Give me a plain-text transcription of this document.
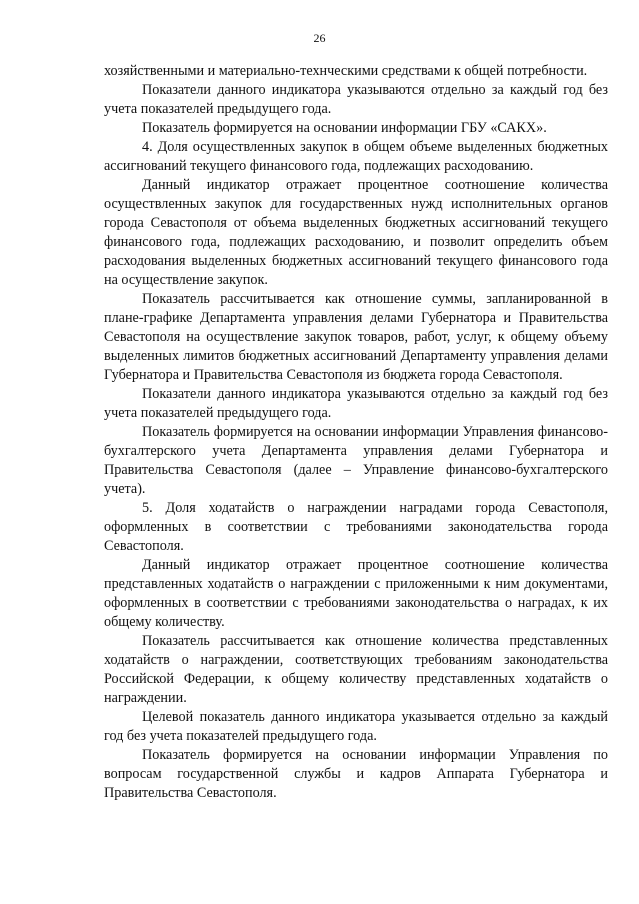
26

хозяйственными и материально-технческими средствами к общей потребности.

Показатели данного индикатора указываются отдельно за каждый год без учета показателей предыдущего года.

Показатель формируется на основании информации ГБУ «САКХ».

4. Доля осуществленных закупок в общем объеме выделенных бюджетных ассигнований текущего финансового года, подлежащих расходованию.

Данный индикатор отражает процентное соотношение количества осуществленных закупок для государственных нужд исполнительных органов города Севастополя от объема выделенных бюджетных ассигнований текущего финансового года, подлежащих расходованию, и позволит определить объем расходования выделенных бюджетных ассигнований текущего финансового года на осуществление закупок.

Показатель рассчитывается как отношение суммы, запланированной в плане-графике Департамента управления делами Губернатора и Правительства Севастополя на осуществление закупок товаров, работ, услуг, к общему объему выделенных лимитов бюджетных ассигнований Департаменту управления делами Губернатора и Правительства Севастополя из бюджета города Севастополя.

Показатели данного индикатора указываются отдельно за каждый год без учета показателей предыдущего года.

Показатель формируется на основании информации Управления финансово-бухгалтерского учета Департамента управления делами Губернатора и Правительства Севастополя (далее – Управление финансово-бухгалтерского учета).

5. Доля ходатайств о награждении наградами города Севастополя, оформленных в соответствии с требованиями законодательства города Севастополя.

Данный индикатор отражает процентное соотношение количества представленных ходатайств о награждении с приложенными к ним документами, оформленных в соответствии с требованиями законодательства о наградах, к их общему количеству.

Показатель рассчитывается как отношение количества представленных ходатайств о награждении, соответствующих требованиям законодательства Российской Федерации, к общему количеству представленных ходатайств о награждении.

Целевой показатель данного индикатора указывается отдельно за каждый год без учета показателей предыдущего года.

Показатель формируется на основании информации Управления по вопросам государственной службы и кадров Аппарата Губернатора и Правительства Севастополя.
